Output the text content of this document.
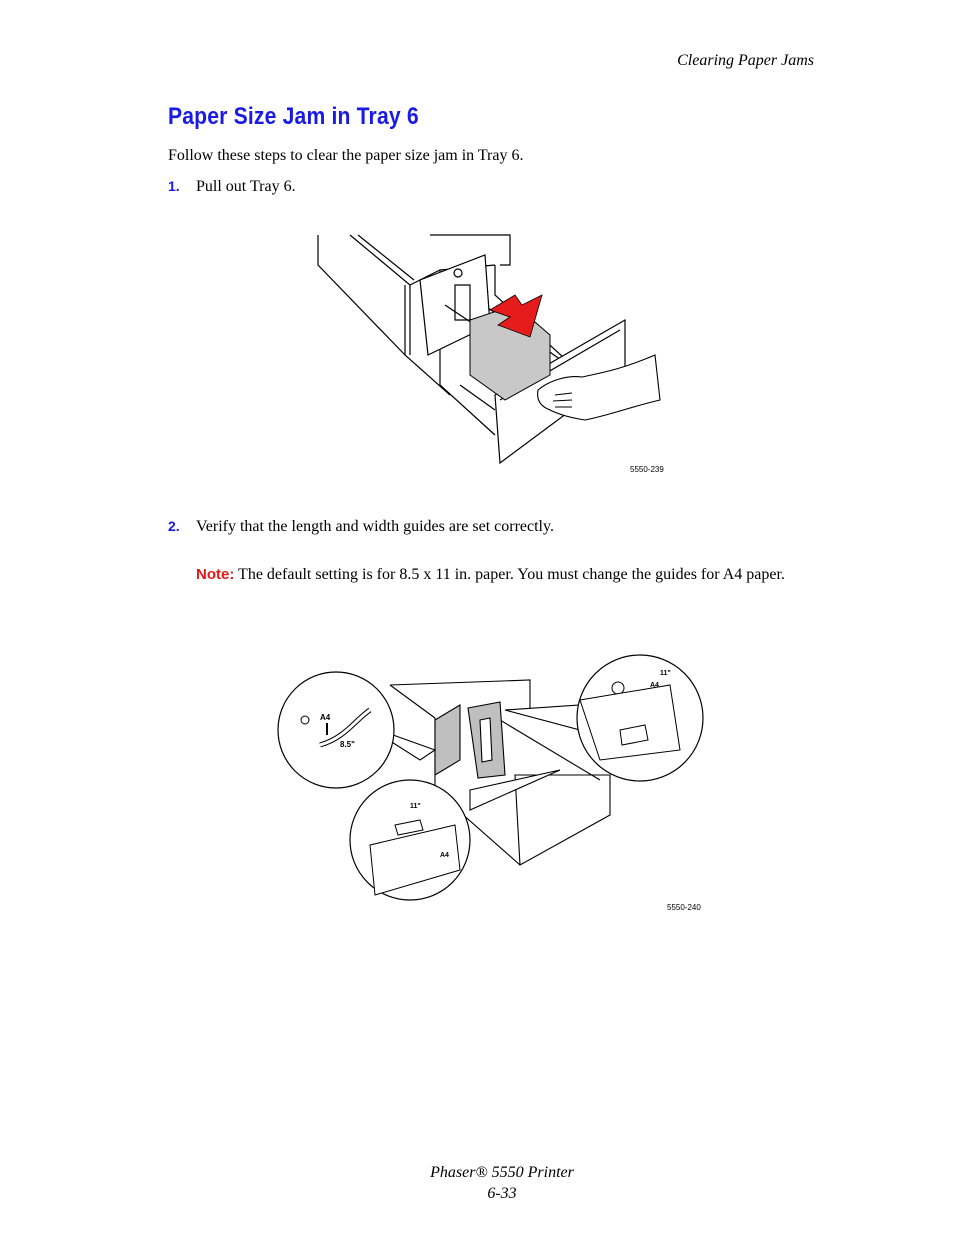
Clearing Paper Jams
Paper Size Jam in Tray 6
Follow these steps to clear the paper size jam in Tray 6.
1. Pull out Tray 6.
5550-239
2. Verify that the length and width guides are set correctly.
Note: The default setting is for 8.5 x 11 in. paper. You must change the guides for A4 paper.
A4
8.5"
A4
11"
11"
A4
5550-240
Phaser® 5550 Printer
6-33
